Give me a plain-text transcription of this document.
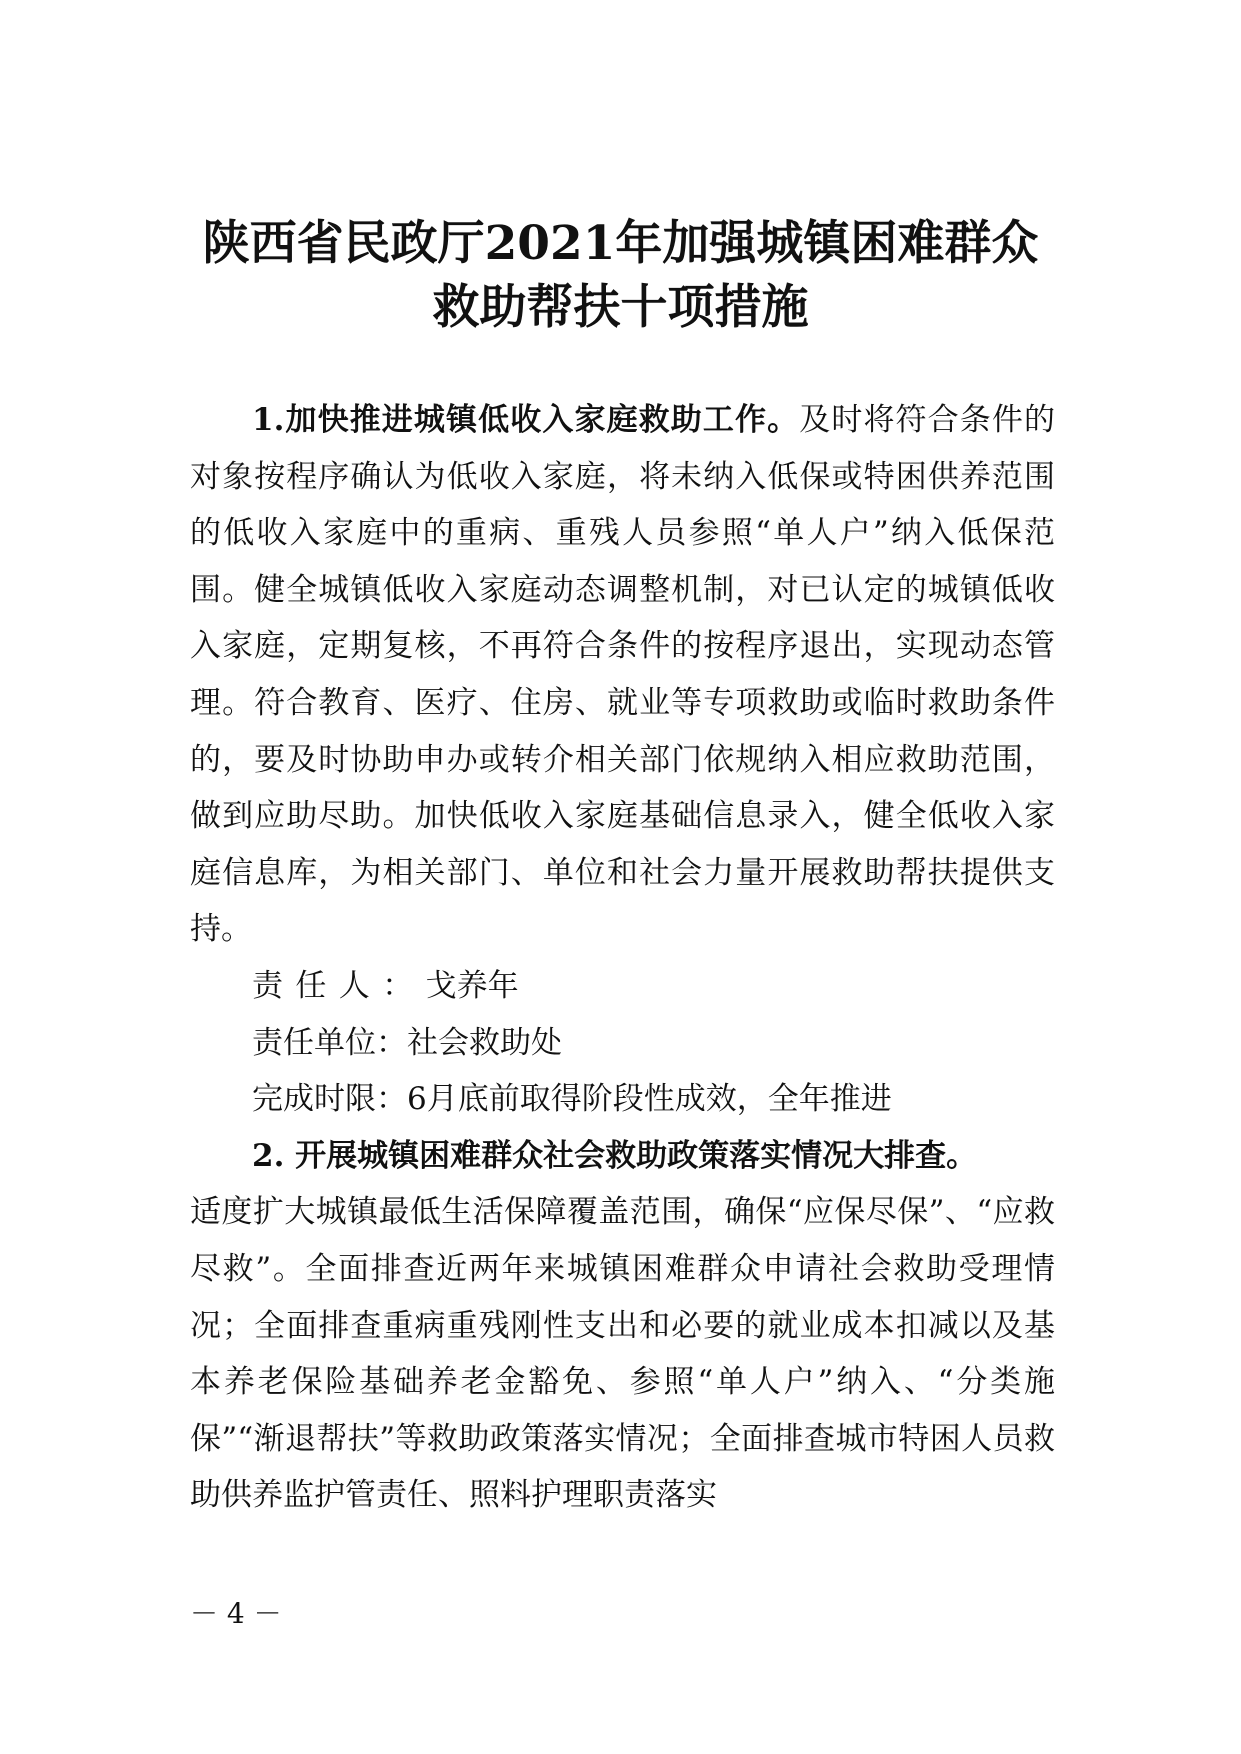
陕西省民政厅2021年加强城镇困难群众
救助帮扶十项措施

1.加快推进城镇低收入家庭救助工作。及时将符合条件的对象按程序确认为低收入家庭，将未纳入低保或特困供养范围的低收入家庭中的重病、重残人员参照“单人户”纳入低保范围。健全城镇低收入家庭动态调整机制，对已认定的城镇低收入家庭，定期复核，不再符合条件的按程序退出，实现动态管理。符合教育、医疗、住房、就业等专项救助或临时救助条件的，要及时协助申办或转介相关部门依规纳入相应救助范围，做到应助尽助。加快低收入家庭基础信息录入，健全低收入家庭信息库，为相关部门、单位和社会力量开展救助帮扶提供支持。

责任人：戈养年

责任单位：社会救助处

完成时限：6月底前取得阶段性成效，全年推进

2. 开展城镇困难群众社会救助政策落实情况大排查。

适度扩大城镇最低生活保障覆盖范围，确保“应保尽保”、“应救尽救”。全面排查近两年来城镇困难群众申请社会救助受理情况；全面排查重病重残刚性支出和必要的就业成本扣减以及基本养老保险基础养老金豁免、参照“单人户”纳入、“分类施保”“渐退帮扶”等救助政策落实情况；全面排查城市特困人员救助供养监护管责任、照料护理职责落实

－ 4 －
